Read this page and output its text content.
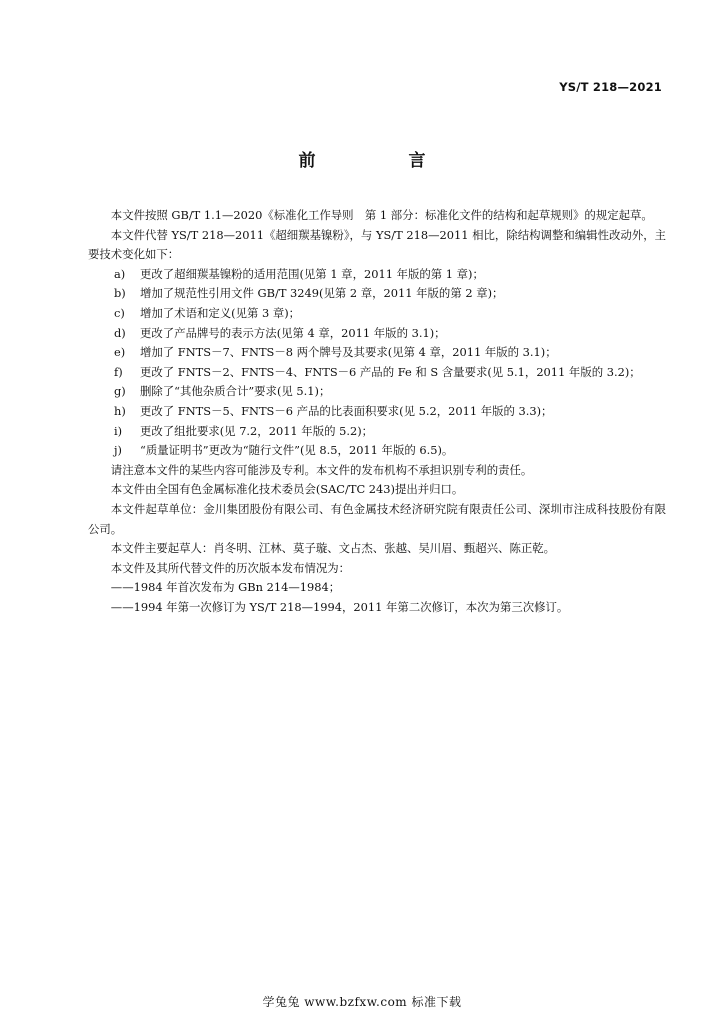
YS/T 218—2021
前　言

本文件按照 GB/T 1.1—2020《标准化工作导则　第 1 部分：标准化文件的结构和起草规则》的规定起草。

本文件代替 YS/T 218—2011《超细羰基镍粉》，与 YS/T 218—2011 相比，除结构调整和编辑性改动外，主要技术变化如下：

a)	更改了超细羰基镍粉的适用范围(见第 1 章，2011 年版的第 1 章)；
b)	增加了规范性引用文件 GB/T 3249(见第 2 章，2011 年版的第 2 章)；
c)	增加了术语和定义(见第 3 章)；
d)	更改了产品牌号的表示方法(见第 4 章，2011 年版的 3.1)；
e)	增加了 FNTS－7、FNTS－8 两个牌号及其要求(见第 4 章，2011 年版的 3.1)；
f)	更改了 FNTS－2、FNTS－4、FNTS－6 产品的 Fe 和 S 含量要求(见 5.1，2011 年版的 3.2)；
g)	删除了“其他杂质合计”要求(见 5.1)；
h)	更改了 FNTS－5、FNTS－6 产品的比表面积要求(见 5.2，2011 年版的 3.3)；
i)	更改了组批要求(见 7.2，2011 年版的 5.2)；
j)	“质量证明书”更改为“随行文件”(见 8.5，2011 年版的 6.5)。

请注意本文件的某些内容可能涉及专利。本文件的发布机构不承担识别专利的责任。

本文件由全国有色金属标准化技术委员会(SAC/TC 243)提出并归口。

本文件起草单位：金川集团股份有限公司、有色金属技术经济研究院有限责任公司、深圳市注成科技股份有限公司。

本文件主要起草人：肖冬明、江林、莫子璇、文占杰、张越、吴川眉、甄超兴、陈正乾。

本文件及其所代替文件的历次版本发布情况为：

——1984 年首次发布为 GBn 214—1984；

——1994 年第一次修订为 YS/T 218—1994，2011 年第二次修订，本次为第三次修订。

学兔兔 www.bzfxw.com 标准下载
